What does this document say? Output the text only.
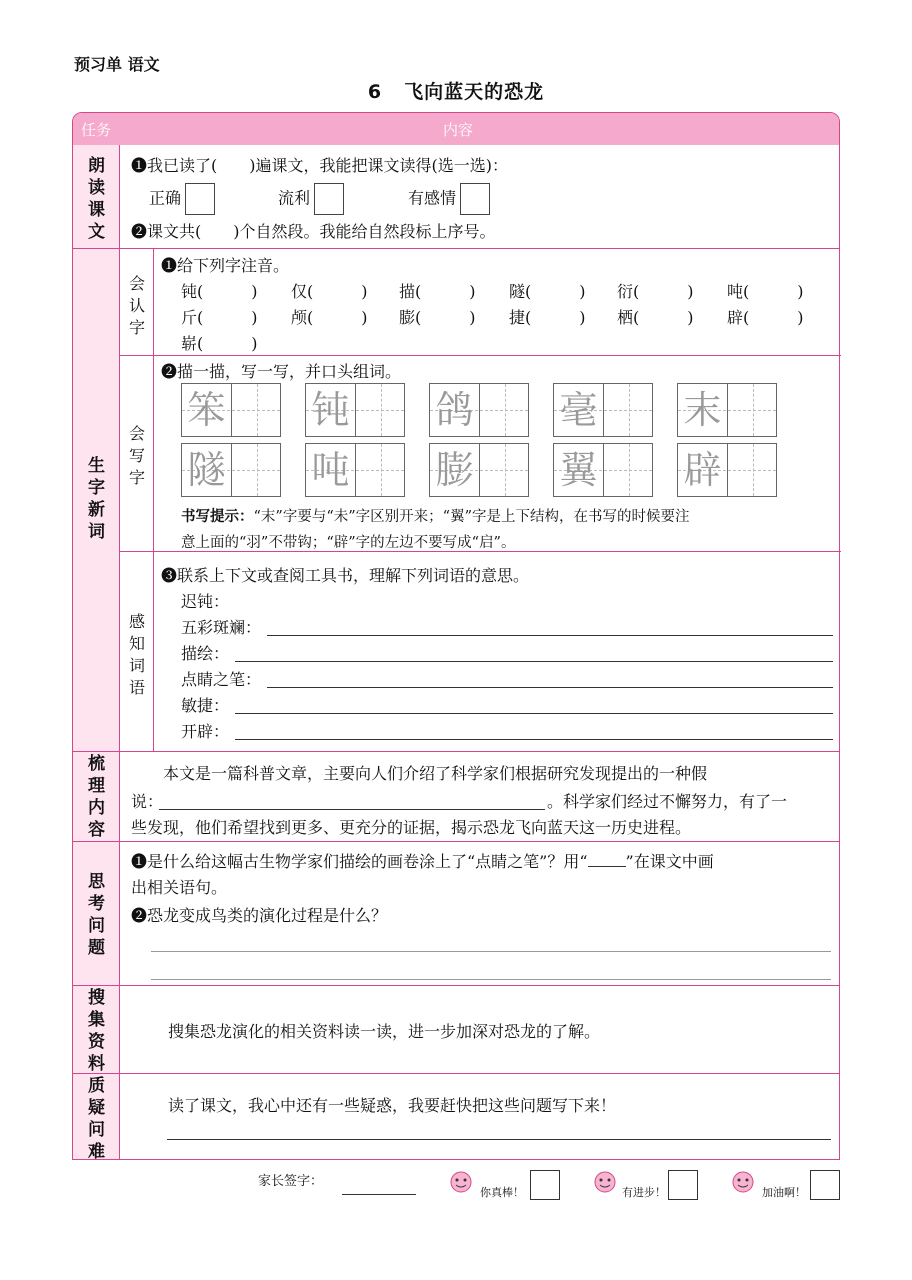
预习单 语文
6 飞向蓝天的恐龙
任务	内容
朗读课文
❶我已读了(　　)遍课文，我能把课文读得(选一选)：
正确	流利	有感情
❷课文共(　　)个自然段。我能给自然段标上序号。
生字新词
会认字
❶给下列字注音。
钝(　　　) 仅(　　　) 描(　　　) 隧(　　　) 衍(　　　) 吨(　　　)
斤(　　　) 颅(　　　) 膨(　　　) 捷(　　　) 栖(　　　) 辟(　　　)
崭(　　　)
会写字
❷描一描，写一写，并口头组词。
笨 钝 鸽 毫 末
隧 吨 膨 翼 辟
书写提示：“末”字要与“未”字区别开来；“翼”字是上下结构，在书写的时候要注
意上面的“羽”不带钩；“辟”字的左边不要写成“启”。
感知词语
❸联系上下文或查阅工具书，理解下列词语的意思。
迟钝：
五彩斑斓：
描绘：
点睛之笔：
敏捷：
开辟：
梳理内容
本文是一篇科普文章，主要向人们介绍了科学家们根据研究发现提出的一种假
说：	。科学家们经过不懈努力，有了一
些发现，他们希望找到更多、更充分的证据，揭示恐龙飞向蓝天这一历史进程。
思考问题
❶是什么给这幅古生物学家们描绘的画卷涂上了“点睛之笔”？用“ ”在课文中画
出相关语句。
❷恐龙变成鸟类的演化过程是什么？
搜集资料
搜集恐龙演化的相关资料读一读，进一步加深对恐龙的了解。
质疑问难
读了课文，我心中还有一些疑惑，我要赶快把这些问题写下来！
家长签字：
你真棒！	有进步！	加油啊！
